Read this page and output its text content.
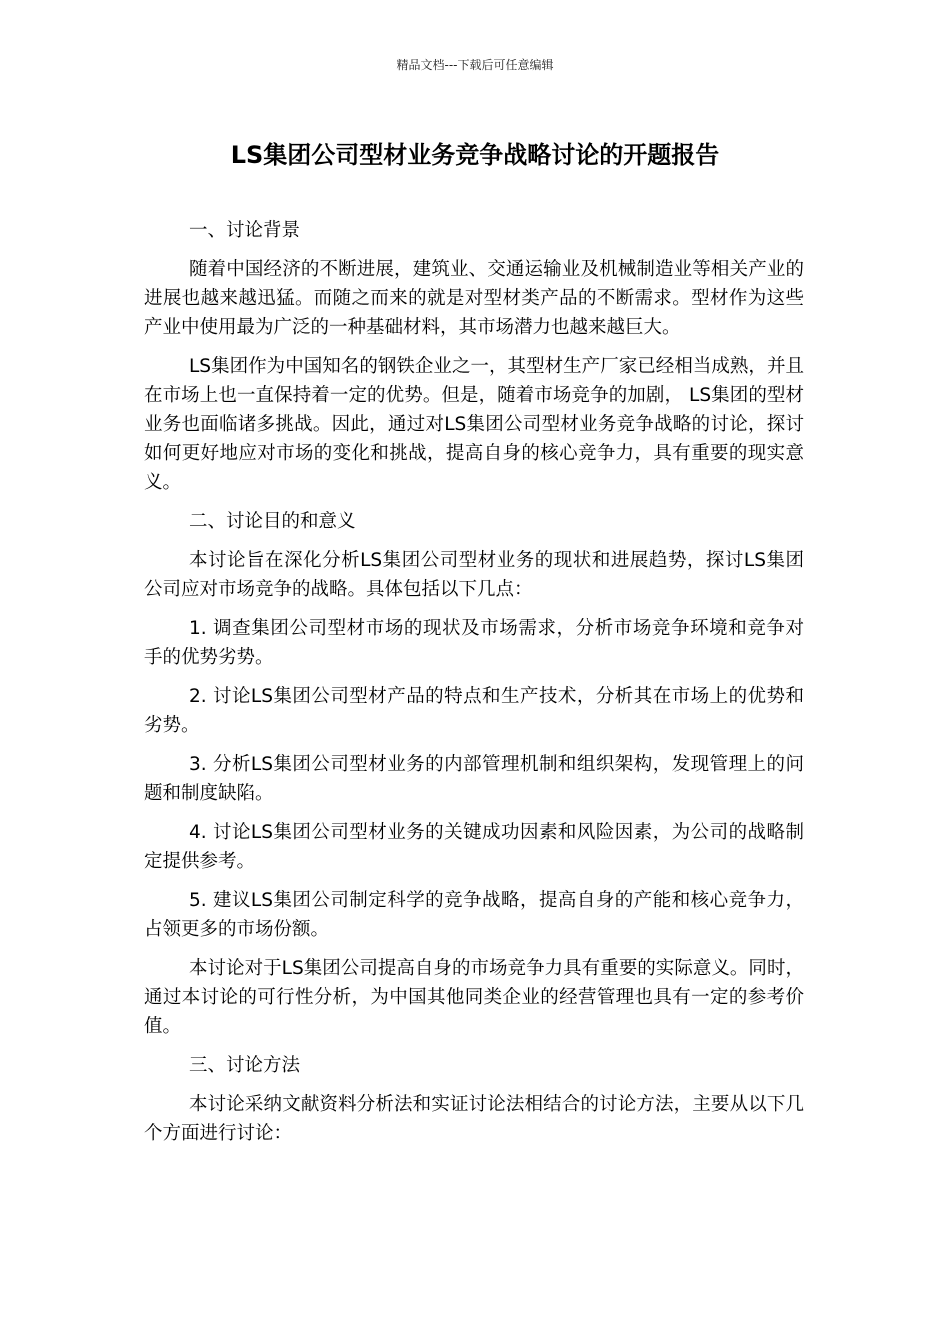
精品文档---下载后可任意编辑
LS集团公司型材业务竞争战略讨论的开题报告

一、讨论背景

随着中国经济的不断进展，建筑业、交通运输业及机械制造业等相关产业的进展也越来越迅猛。而随之而来的就是对型材类产品的不断需求。型材作为这些产业中使用最为广泛的一种基础材料，其市场潜力也越来越巨大。

LS集团作为中国知名的钢铁企业之一，其型材生产厂家已经相当成熟，并且在市场上也一直保持着一定的优势。但是，随着市场竞争的加剧， LS集团的型材业务也面临诸多挑战。因此，通过对LS集团公司型材业务竞争战略的讨论，探讨如何更好地应对市场的变化和挑战，提高自身的核心竞争力，具有重要的现实意义。

二、讨论目的和意义

本讨论旨在深化分析LS集团公司型材业务的现状和进展趋势，探讨LS集团公司应对市场竞争的战略。具体包括以下几点：

1. 调查集团公司型材市场的现状及市场需求，分析市场竞争环境和竞争对手的优势劣势。

2. 讨论LS集团公司型材产品的特点和生产技术，分析其在市场上的优势和劣势。

3. 分析LS集团公司型材业务的内部管理机制和组织架构，发现管理上的问题和制度缺陷。

4. 讨论LS集团公司型材业务的关键成功因素和风险因素，为公司的战略制定提供参考。

5. 建议LS集团公司制定科学的竞争战略，提高自身的产能和核心竞争力，占领更多的市场份额。

本讨论对于LS集团公司提高自身的市场竞争力具有重要的实际意义。同时，通过本讨论的可行性分析，为中国其他同类企业的经营管理也具有一定的参考价值。

三、讨论方法

本讨论采纳文献资料分析法和实证讨论法相结合的讨论方法，主要从以下几个方面进行讨论：
